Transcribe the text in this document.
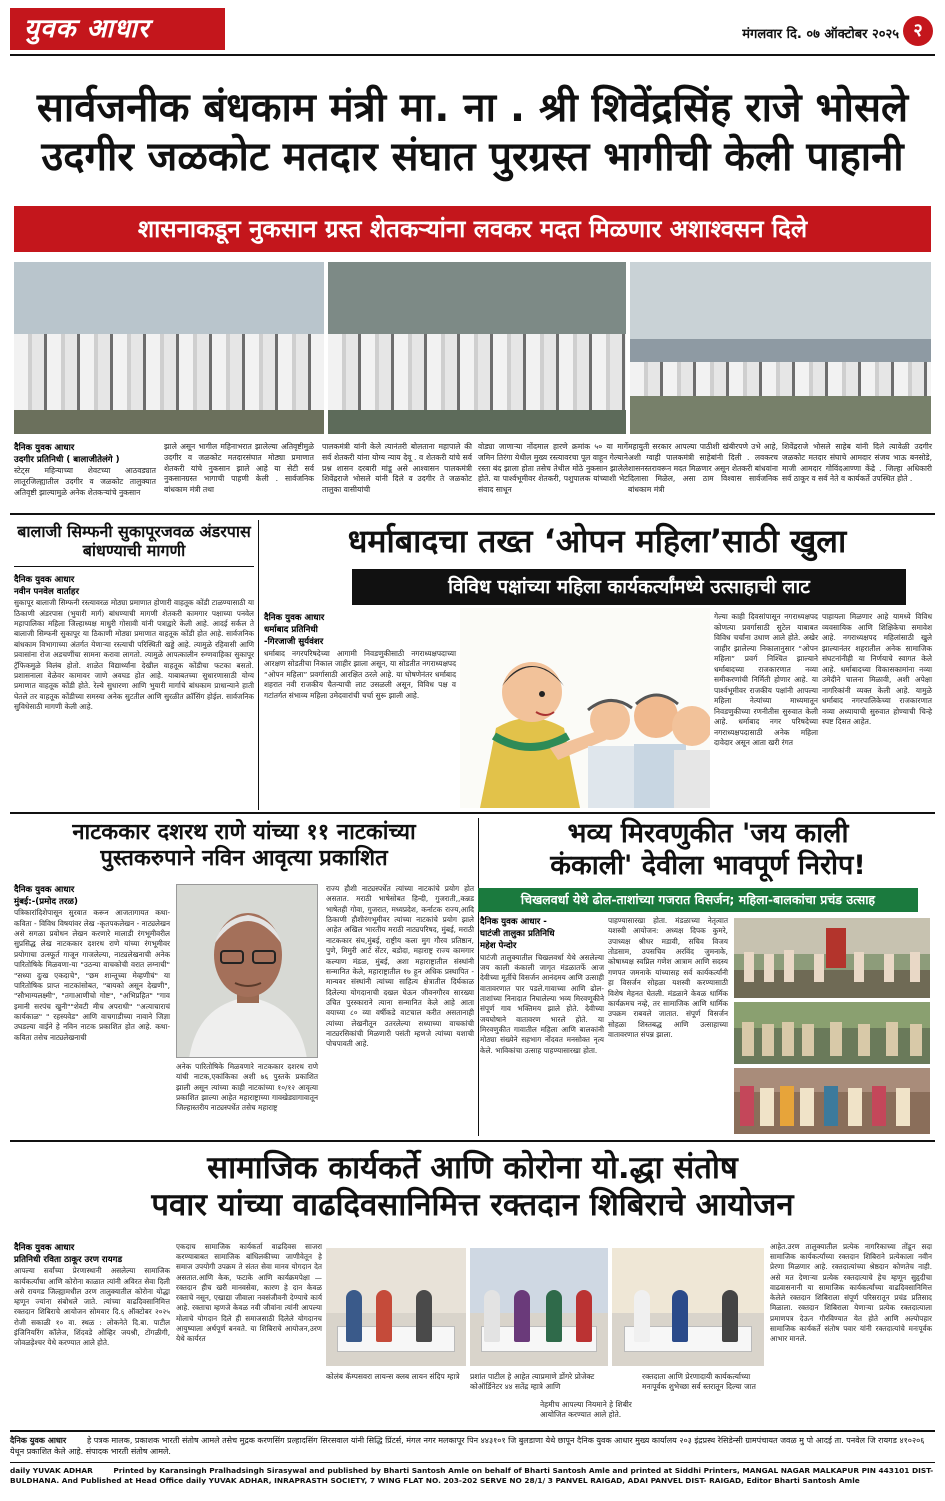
युवक आधार	मंगलवार दि. ०७ ऑक्टोबर २०२५ २
सार्वजनीक बंधकाम मंत्री मा. ना . श्री शिवेंद्रसिंह राजे भोसले
उदगीर जळकोट मतदार संघात पुरग्रस्त भागीची केली पाहानी
शासनाकडून नुकसान ग्रस्त शेतकऱ्यांना लवकर मदत मिळणार अशाश्वसन दिले
दैनिक युवक आधार
उदगीर प्रतिनिधी ( बालाजीतेलंगे )
स्टेट्स महिन्याच्या शेवटच्या आठवड्यात लातूरजिल्ह्यातील उदगीर व जळकोट तालुक्यात अतिवृष्टी झाल्यामुळे अनेक शेतकऱ्यांचे नुकसान
झाले असून भागील महिनाभरात झालेल्या अतिवृष्टीमुळे उदगीर व जळकोट मतदारसंघात मोठ्या प्रमाणात शेतकरी यांचे नुकसान झाले आहे या सेटी सर्व नुकसानग्रस्त भागाची पाहणी केली . सार्वजनिक बांधकाम मंत्री तथा
पालकमंत्री यांनी केले त्यानंतरी बोलताना महापाले की सर्व शेतकरी यांना योग्य न्याय देवू . व शेतकरी यांचे सर्व प्रश्न शासन दरबारी मांडू असे आश्वासन पालकमंत्री शिवेंद्रराजे भोसले यांनी दिले व उदगीर ते जळकोट तालुका वासीयांची
वोड्या जाणाऱ्या नोंदमाल हारणे क्रमांक ५० या मार्गे जमिन तिरंगा येथील मुख्य रस्त्यावरचा पूल वाहून गेल्याने रस्ता बंद झाला होता तसेच तेथील मोठे नुकसान झालेले होते. या पार्श्वभूमीवर शेतकरी, पशुपालक यांच्याशी भेट संवाद साधून
महायुती सरकार आपल्या पाठीशी खंबीरपणे उभे आहे, अशी ग्वाही पालकमंत्री साहेबांनी दिली . लवकरच शासनस्तरावरून मदत मिळणार असून शेतकरी बांधवांना दिलासा मिळेल, असा ठाम विश्वास सार्वजनिक बांधकाम मंत्री
शिवेंद्रराजे भोसले साहेब यांनी दिले त्यावेळी उदगीर जळकोट मतदार संघाचे आमदार संजय भाऊ बनसोडे, माजी आमदार गोविंदआण्णा केंद्रे . जिल्हा अधिकारी सर्व ठाकूर व सर्व नेते व कार्यकर्ते उपस्थित होते .
बालाजी सिम्फनी सुकापूरजवळ अंडरपास बांधण्याची मागणी
दैनिक युवक आधार
नवीन पनवेल वार्ताहर
सुकापूर बालाजी सिम्फनी रस्त्यावरळ मोठ्या प्रमाणात होणारी वाहतूक कोंडी टाळण्यासाठी या ठिकाणी अंडरपास (भुयारी मार्ग) बांधण्याची मागणी शेतकरी कामगार पक्षाच्या पनवेल महापालिका महिला जिल्हाध्यक्ष माधुरी गोसावी यांनी पत्राद्वारे केली आहे. आदई सर्कल ते बालाजी सिम्फनी सुकापूर या ठिकाणी मोठ्या प्रमाणात वाहतूक कोंडी होत आहे. सार्वजनिक बांधकाम विभागाच्या अंतर्गत येणाऱ्या रस्त्याची परिस्थिती खड्डे आहे. त्यामुळे रहिवासी आणि प्रवासांना रोज अडचणींचा सामना करावा लागतो. त्यामुळे आपत्कालीन रुग्णवाहिका सुकापूर ट्रॅफिकमुळे विलंब होतो. शाळेत विद्यार्थ्यांना देखील वाहतूक कोंडीचा फटका बसतो. प्रशासनाला वेळेवर कामावर जाणे अवघड होत आहे. याबाबतच्या सुधारणासाठी योग्य प्रमाणात वाहतूक कोंडी होते. रेल्वे सुधारणा आणि भुयारी मार्गाचे बांधकाम प्राधान्याने हाती घेतले तर वाहतूक कोंडीच्या समस्या अनेक सुटतील आणि सुरळीत क्रॉसिंग होईल. सार्वजनिक सुविधेसाठी मागणी केली आहे.
धर्माबादचा तख्त ‘ओपन महिला’साठी खुला
विविध पक्षांच्या महिला कार्यकर्त्यांमध्ये उत्साहाची लाट
दैनिक युवक आधार
धर्माबाद प्रतिनिधी
-गिरजाजी सुर्यवंशर
धर्माबाद नगरपरिषदेच्या आगामी निवडणुकीसाठी नगराध्यक्षपदाच्या आरक्षण सोडतीचा निकाल जाहीर झाला असून, या सोडतीत नगराध्यक्षपद “ओपन महिला” प्रवर्गासाठी आरक्षित ठरले आहे. या घोषणेनंतर धर्माबाद शहरात नवी राजकीय चैतन्याची लाट उसळली असून, विविध पक्ष व गटांतर्गत संभाव्य महिला उमेदवारांची चर्चा सुरू झाली आहे.
गेल्या काही दिवसांपासून नगराध्यक्षपद कोणत्या प्रवर्गासाठी सुटेल याबाबत विविध चर्चांना उधाण आले होते. अखेर जाहीर झालेल्या निकालानुसार “ओपन महिला” प्रवर्ग निश्चित झाल्याने धर्माबादच्या राजकारणात नव्या समीकरणांची निर्मिती होणार आहे. या पार्श्वभूमीवर राजकीय पक्षांनी आपल्या महिला नेत्यांच्या माध्यमातून निवडणुकीच्या रणनीतीस सुरुवात केली आहे. धर्माबाद नगर परिषदेच्या नगराध्यक्षपदासाठी अनेक महिला दावेदार असून आता खरी रंगत
पाहायला मिळणार आहे यामध्ये विविध व्यवसायिक आणि शिक्षिकेचा समावेश आहे. नगराध्यक्षपद महिलांसाठी खुले झाल्यानंतर शहरातील अनेक सामाजिक संघटनांनीही या निर्णयाचे स्वागत केले आहे. धर्माबादच्या विकासकामांना नव्या उमेदीने चालना मिळावी, अशी अपेक्षा नागरिकांनी व्यक्त केली आहे. यामुळे धर्माबाद नगरपालिकेच्या राजकारणात नव्या अध्यायाची सुरुवात होण्याची चिन्हे स्पष्ट दिसत आहेत.
नाटककार दशरथ राणे यांच्या ११ नाटकांच्या
पुस्तकरुपाने नविन आवृत्या प्रकाशित
दैनिक युवक आधार
मुंबई:-(प्रमोद तरळ)
पत्रिकारांदिशेपासून सुरवात करून आजतागायत कथा- कविता - विविध विषयांवर लेख -कृतपकलेखन - नाट्यलेखन असे सगळा प्रवोधन लेखन करणारे मालाडी रंगभूमीवरील सुप्रसिद्ध लेख नाटककार दशरथ राणे यांच्या रंगभूमीवर प्रयोगाचा उत्स्फूर्त गाजून गाजलेल्या, नाट्यलेखनाची अनेक पारितोषिके मिळवणा-या "उठन्या वाचकोची वरात लग्नाची" "सध्या दुःख एकदाचे", "छम शान्तूच्या मेव्हणीचं" या पारितोषिक प्राप्त नाटकांसोबत, "बायको असून देखणी", "सौभाग्यलक्ष्मी", "तगाआणीचो गोष्ट", "अभिप्रहित" "गाव इमानी सरपंच खुनी""शेवटी मीच अपराधी" "अत्याचाराचं कार्यकाळ" " रहस्यवेड" आणि वाचगाडीच्या नावाने जिज्ञा उघडल्या वाईने हे नविन नाटक प्रकाशित होत आहे. कथा-कविता तसेच नाट्यलेखनाची
अनेक पारितोषिके मिळवणारे नाटककार दशरथ राणे यांची नाटक,एकांकिका अशी ७६ पुस्तके प्रकाशित झाली असून त्यांच्या काही नाटकांच्या १०/१२ आवृत्या प्रकाशित झाल्या आहेत महाराष्ट्राच्या गावखेड्यागावातून जिल्हास्तरीय नाट्यस्पर्धेत तसेच महाराष्ट्र
राज्य हौशी नाट्यस्पर्धेत त्यांच्या नाटकांचे प्रयोग होत असतात. मराठी भाषेसोबत हिन्दी, गुजराती,,कन्नड भाषेतही गोवा, गुजरात, मध्यप्रदेश, कर्नाटक राज्य,आदि ठिकाणी हौशीरंगभूमीवर त्यांच्या नाटकांचे प्रयोग झाले आहेत अखिल भारतीय मराठी नाट्यपरिषद, मुंबई, मराठी नाटककार संघ,मुंबई, राष्ट्रीय कला मुग गौरव प्रतिष्ठान, पुणे, मिमुरी आर्ट सेंटर, बडोदा, महाराष्ट्र राज्य कामगार कल्याण मंडळ, मुंबई, अशा महाराष्ट्रातील संस्थांनी सन्मानित केले, महाराष्ट्रातील १७ हून अधिक प्रस्थापित - मान्यवर संस्थांनी त्यांच्या साहित्य क्षेत्रातील दिर्घकाळ दिलेल्या योगदानाची दखल घेऊन जीवनगौरव सारख्या उचित पुरस्काराने त्याना सन्मानित केले आहे आता वयाच्या ८० व्या वर्षीकडे वाटचाल करीत असतानाही त्यांच्या लेखनीतून उतरलेल्या सध्याच्या वाचकांची नाट्यरसिकांची मिळणारी पसंती म्हणजे त्यांच्या यशाची पोचपावती आहे.
भव्य मिरवणुकीत 'जय काली
कंकाली' देवीला भावपूर्ण निरोप!
चिखलवर्धा येथे ढोल-ताशांच्या गजरात विसर्जन; महिला-बालकांचा प्रचंड उत्साह
दैनिक युवक आधार -
घाटंजी तालुका प्रतिनिधि
महेश पेन्दोर
घाटंजी तालुक्यातील चिखलवर्धा येथे असलेल्या जय काली कंकाली जागृत मंडळातर्फे आज देवीच्या मूर्तीचे विसर्जन आनंदमय आणि उत्साही वातावरणात पार पडले.गावाच्या आणि ढोल-ताशांच्या निनादात निघालेल्या भव्य मिरवणूकीने संपूर्ण गाव भक्तिमय झाले होते. देवीच्या जयघोषाने वातावरण भारले होते. या मिरवणुकीत गावातील महिला आणि बालकांनी मोठ्या संख्येने सहभाग नोंदवत मनसोक्त नृत्य केले. भाविकांचा उत्साह पाहण्यासारखा होता.
पाहण्यासारखा होता. मंडळाच्या नेतृत्वात यशस्वी आयोजन: अध्यक्ष दिपक कुमरे, उपाध्यक्ष श्रीधर मडावी, सचिव विजय तोडसाम, उपसचिव अरविंद जुमनाके, कोषाध्यक्ष स्वप्निल गणेश आत्राम आणि सदस्य गणपत जमनाके यांच्यासह सर्व कार्यकर्त्यांनी हा विसर्जन सोहळा यशस्वी करण्यासाठी विशेष मेहनत घेतली. मंडळाने केवळ धार्मिक कार्यक्रमच नव्हे, तर सामाजिक आणि धार्मिक उपक्रम राबवले जातात. संपूर्ण विसर्जन सोहळा शिस्तबद्ध आणि उत्साहाच्या वातावरणात संपन्न झाला.
सामाजिक कार्यकर्ते आणि कोरोना यो.द्धा संतोष
पवार यांच्या वाढदिवसानिमित्त रक्तदान शिबिराचे आयोजन
दैनिक युवक आधार
प्रतिनिधी रविता ठाकूर उरण रायगड
आपल्या सर्वांच्या प्रेरणास्थानी असलेल्या सामाजिक कार्यकर्त्यांचा आणि कोरोना काळात त्यांनी अविरत सेवा दिली असे रायगड जिल्ह्यामधील उरण तालुक्यातील कोरोना योद्धा म्हणून ज्यांना संबोधले जाते. त्यांच्या वाढदिवसानिमित्त रक्तदान शिबिराचे आयोजन सोमवार दि.६ ऑक्टोबर २०२५ रोजी सकाळी १० वा. स्थळ : लोकनेते दि.बा. पाटील इंजिनियरिंग कॉलेज, शिंदवडे ओव्हिर जयश्री, टोंगळीगी, जोवळड़ेश्चर येथे करण्यात आले होते.
एकदाच सामाजिक कार्यकर्ता वाढदिवस साजरा करण्याबाबत सामाजिक बांधिलकीच्या जाणीवेतून हे समाज उपयोगी उपक्रम ते संतत सेवा मानव योगदान देत असतात.आणि केक, फटाके आणि कार्यक्रमपेक्षा — रक्तदान हीच खरी मानवसेवा, कारण हे दान केवळ रक्ताचे नसून, एखाद्या जीवाला नवसंजीवनी देण्याचे कार्य आहे. रक्ताचा म्हणजे केवळ नवी जीवांना त्यांनी आपल्या मोलाचे योगदान दिले ही समाजसाठी दिलेले योगदानच आयुष्याला अर्थपूर्ण बनवते. या शिबिराचे आयोजन,उरण येथे कार्यरत
कोलंब कॅम्पसवरा लायन्स क्लब लायन संदिप म्हात्रे	प्रशांत पाटील हे आहेत त्याप्रमाणे डोंगरे प्रोजेक्ट कोऑर्डिनेटर ४४ सतेंद्र म्हात्रे आणि
नेहमीच आपल्या नियमाने हे शिबीर आयोजित करण्यात आले होते.
रक्तदाता आणि प्रेरणादायी कार्यकर्त्याच्या मनःपूर्वक शुभेच्छा सर्व स्तरातून दिल्या जात
आहेत.उरण तालुक्यातील प्रत्येक नागरिकाच्या तोंडून सदा सामाजिक कार्यकर्त्यांच्या रक्तदान शिबिराने प्रत्येकाला नवीन प्रेरणा मिळणार आहे. रक्तदात्यांच्या श्रेष्ठदान कोणतेच नाही. असे मत देणाऱ्या प्रत्येक रक्तदात्याचे हेच म्हणून सुहृदीचा वाढवासनानी या सामाजिक कार्यकर्त्यांच्या वाढदिवसानिमित्त केलेले रक्तदान शिबिराला संपूर्ण परिसरातून प्रचंड प्रतिसाद मिळाला. रक्तदान शिबिराला येणाऱ्या प्रत्येक रक्तदात्याला प्रमाणपत्र देऊन गौरविण्यात येत होते आणि अल्पोपहार सामाजिक कार्यकर्ते संतोष पवार यांनी रक्तदात्यांचे मनःपूर्वक आभार मानले.
दैनिक युवक आधार	हे पत्रक मालक, प्रकाशक भारती संतोष आमले तसेच मुद्रक करणसिंग प्रल्हादसिंग सिरसवाल यांनी सिद्धि प्रिंटर्स, मंगल नगर मलकापूर पिन ४४३१०१ जि बुलडाणा येथे छापून दैनिक युवक आधार मुख्य कार्यालय २०३ इंद्रप्रस्थ रेसिडेन्सी ग्रामपंचायत जवळ मु पो आदई ता. पनवेल जि रायगड ४१०२०६ येथून प्रकाशित केले आहे. संपादक भारती संतोष आमले.
daily YUVAK ADHAR	Printed by Karansingh Pralhadsingh Sirasywal and published by Bharti Santosh Amle on behalf of Bharti Santosh Amle and printed at Siddhi Printers, MANGAL NAGAR MALKAPUR PIN 443101 DIST- BULDHANA. And Published at Head Office daily YUVAK ADHAR, INRAPRASTH SOCIETY, 7 WING FLAT NO. 203-202 SERVE NO 28/1/ 3 PANVEL RAIGAD, ADAI PANVEL DIST- RAIGAD, Editor Bharti Santosh Amle
